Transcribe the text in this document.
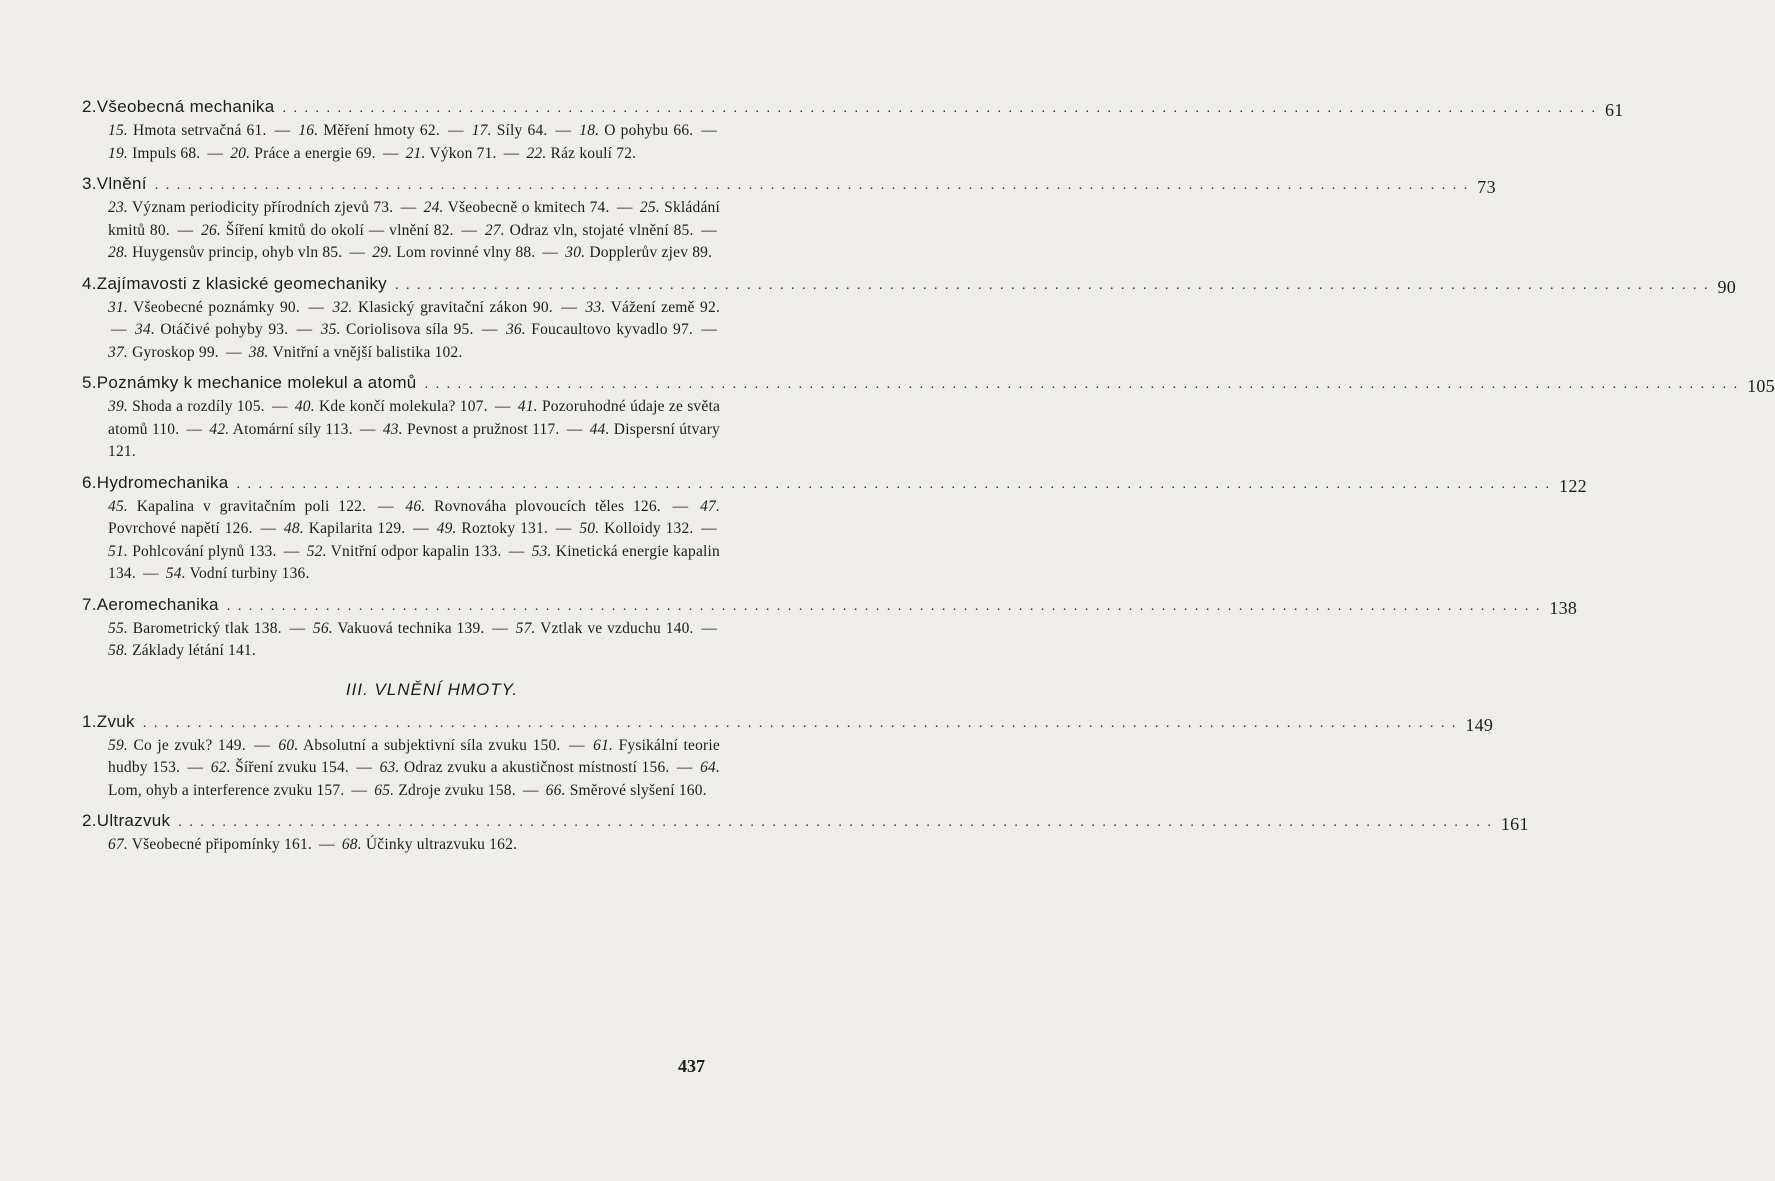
2. Všeobecná mechanika . . . . . . . . . . . . . . . . . . . . . . . . . . . . . . . . . . . . . . . . . . . . . . . . . . . . . . . . . . . . . . . . . . . . . . . . . . . . . . . . . . . . . . . . . . . . . . . . . . . . . . . . . . . . . . . . . . . . . . . . 61
15. Hmota setrvačná 61. — 16. Měření hmoty 62. — 17. Síly 64. — 18. O pohybu 66. — 19. Impuls 68. — 20. Práce a energie 69. — 21. Výkon 71. — 22. Ráz koulí 72.
3. Vlnění . . . . . . . . . . . . . . . . . . . . . . . . . . . . . . . . . . . . . . . . . . . . . . . . . . . . . . . . . . . . . . . . . . . . . . . . . . . . . . . . . . . . . . . . . . . . . . . . . . . . . . . . . . . . . . . . . . . . . . . . 73
23. Význam periodicity přírodních zjevů 73. — 24. Všeobecně o kmitech 74. — 25. Skládání kmitů 80. — 26. Šíření kmitů do okolí — vlnění 82. — 27. Odraz vln, stojaté vlnění 85. — 28. Huygensův princip, ohyb vln 85. — 29. Lom rovinné vlny 88. — 30. Dopplerův zjev 89.
4. Zajímavosti z klasické geomechaniky . . . . . . . . . . . . . . . . . . . . . . . . . . . . . . . . . . . . . . . . . . . . . . . . . . . . . . . . . . . . . . . . . . . . . . . . . . . . . . . . . . . . . . . . . . . . . . . . . . . . . . . . . . . . . . . . . . . . . . . . 90
31. Všeobecné poznámky 90. — 32. Klasický gravitační zákon 90. — 33. Vážení země 92. — 34. Otáčivé pohyby 93. — 35. Coriolisova síla 95. — 36. Foucaultovo kyvadlo 97. — 37. Gyroskop 99. — 38. Vnitřní a vnější balistika 102.
5. Poznámky k mechanice molekul a atomů . . . . . . . . . . . . . . . . . . . . . . . . . . . . . . . . . . . . . . . . . . . . . . . . . . . . . . . . . . . . . . . . . . . . . . . . . . . . . . . . . . . . . . . . . . . . . . . . . . . . . . . . . . . . . . . . . . . . . . . . 105
39. Shoda a rozdíly 105. — 40. Kde končí molekula? 107. — 41. Pozoruhodné údaje ze světa atomů 110. — 42. Atomární síly 113. — 43. Pevnost a pružnost 117. — 44. Dispersní útvary 121.
6. Hydromechanika . . . . . . . . . . . . . . . . . . . . . . . . . . . . . . . . . . . . . . . . . . . . . . . . . . . . . . . . . . . . . . . . . . . . . . . . . . . . . . . . . . . . . . . . . . . . . . . . . . . . . . . . . . . . . . . . . . . . . . . . 122
45. Kapalina v gravitačním poli 122. — 46. Rovnováha plovoucích těles 126. — 47. Povrchové napětí 126. — 48. Kapilarita 129. — 49. Roztoky 131. — 50. Kolloidy 132. — 51. Pohlcování plynů 133. — 52. Vnitřní odpor kapalin 133. — 53. Kinetická energie kapalin 134. — 54. Vodní turbiny 136.
7. Aeromechanika . . . . . . . . . . . . . . . . . . . . . . . . . . . . . . . . . . . . . . . . . . . . . . . . . . . . . . . . . . . . . . . . . . . . . . . . . . . . . . . . . . . . . . . . . . . . . . . . . . . . . . . . . . . . . . . . . . . . . . . . 138
55. Barometrický tlak 138. — 56. Vakuová technika 139. — 57. Vztlak ve vzduchu 140. — 58. Základy létání 141.
III. VLNĚNÍ HMOTY.
1. Zvuk . . . . . . . . . . . . . . . . . . . . . . . . . . . . . . . . . . . . . . . . . . . . . . . . . . . . . . . . . . . . . . . . . . . . . . . . . . . . . . . . . . . . . . . . . . . . . . . . . . . . . . . . . . . . . . . . . . . . . . . . 149
59. Co je zvuk? 149. — 60. Absolutní a subjektivní síla zvuku 150. — 61. Fysikální teorie hudby 153. — 62. Šíření zvuku 154. — 63. Odraz zvuku a akustičnost místností 156. — 64. Lom, ohyb a interference zvuku 157. — 65. Zdroje zvuku 158. — 66. Směrové slyšení 160.
2. Ultrazvuk . . . . . . . . . . . . . . . . . . . . . . . . . . . . . . . . . . . . . . . . . . . . . . . . . . . . . . . . . . . . . . . . . . . . . . . . . . . . . . . . . . . . . . . . . . . . . . . . . . . . . . . . . . . . . . . . . . . . . . . . 161
67. Všeobecné připomínky 161. — 68. Účinky ultrazvuku 162.
437
